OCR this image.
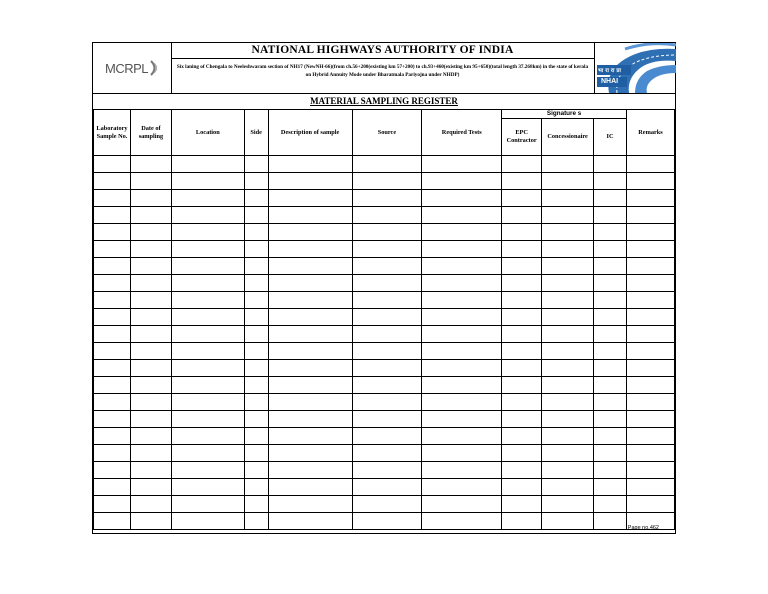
MCRPL
NATIONAL HIGHWAYS AUTHORITY OF INDIA
Six laning of Chengala to Neeleshwaram section of NH17 (NewNH-66)(from ch.56+200(existing km 57+200) to ch.93+460(existing km 95+650)(total length 37.268km) in the state of kerala on Hybrid Annuity Mode under Bharatmala Pariyojna under NHDP)
भा रा रा प्रा
NHAI
MATERIAL SAMPLING REGISTER
Laboratory Sample No.	Date of sampling	Location	Side	Description of sample	Source	Required Tests	Signature s			Remarks
							EPC Contractor	Concessionaire	IC	

Page no.462
